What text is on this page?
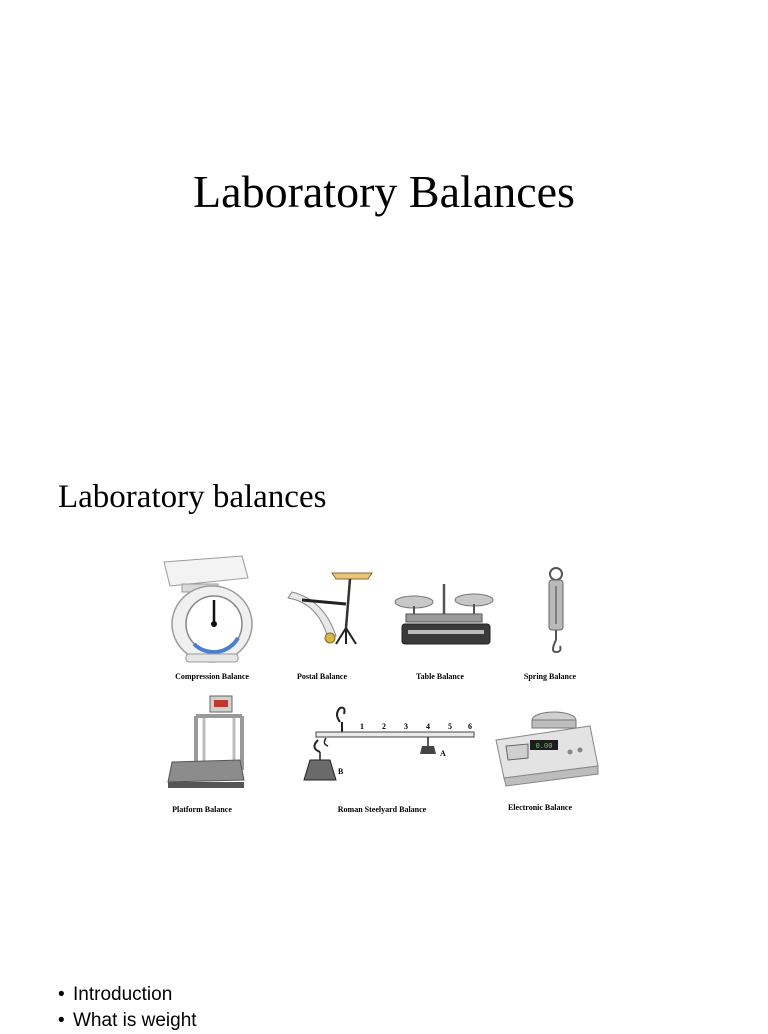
Laboratory Balances
Laboratory balances
Compression Balance	Postal Balance	Table Balance	Spring Balance
Platform Balance
1 2 3 4 5 6
A
B
Roman Steelyard Balance
0.00
Electronic Balance
• Introduction
• What is weight
